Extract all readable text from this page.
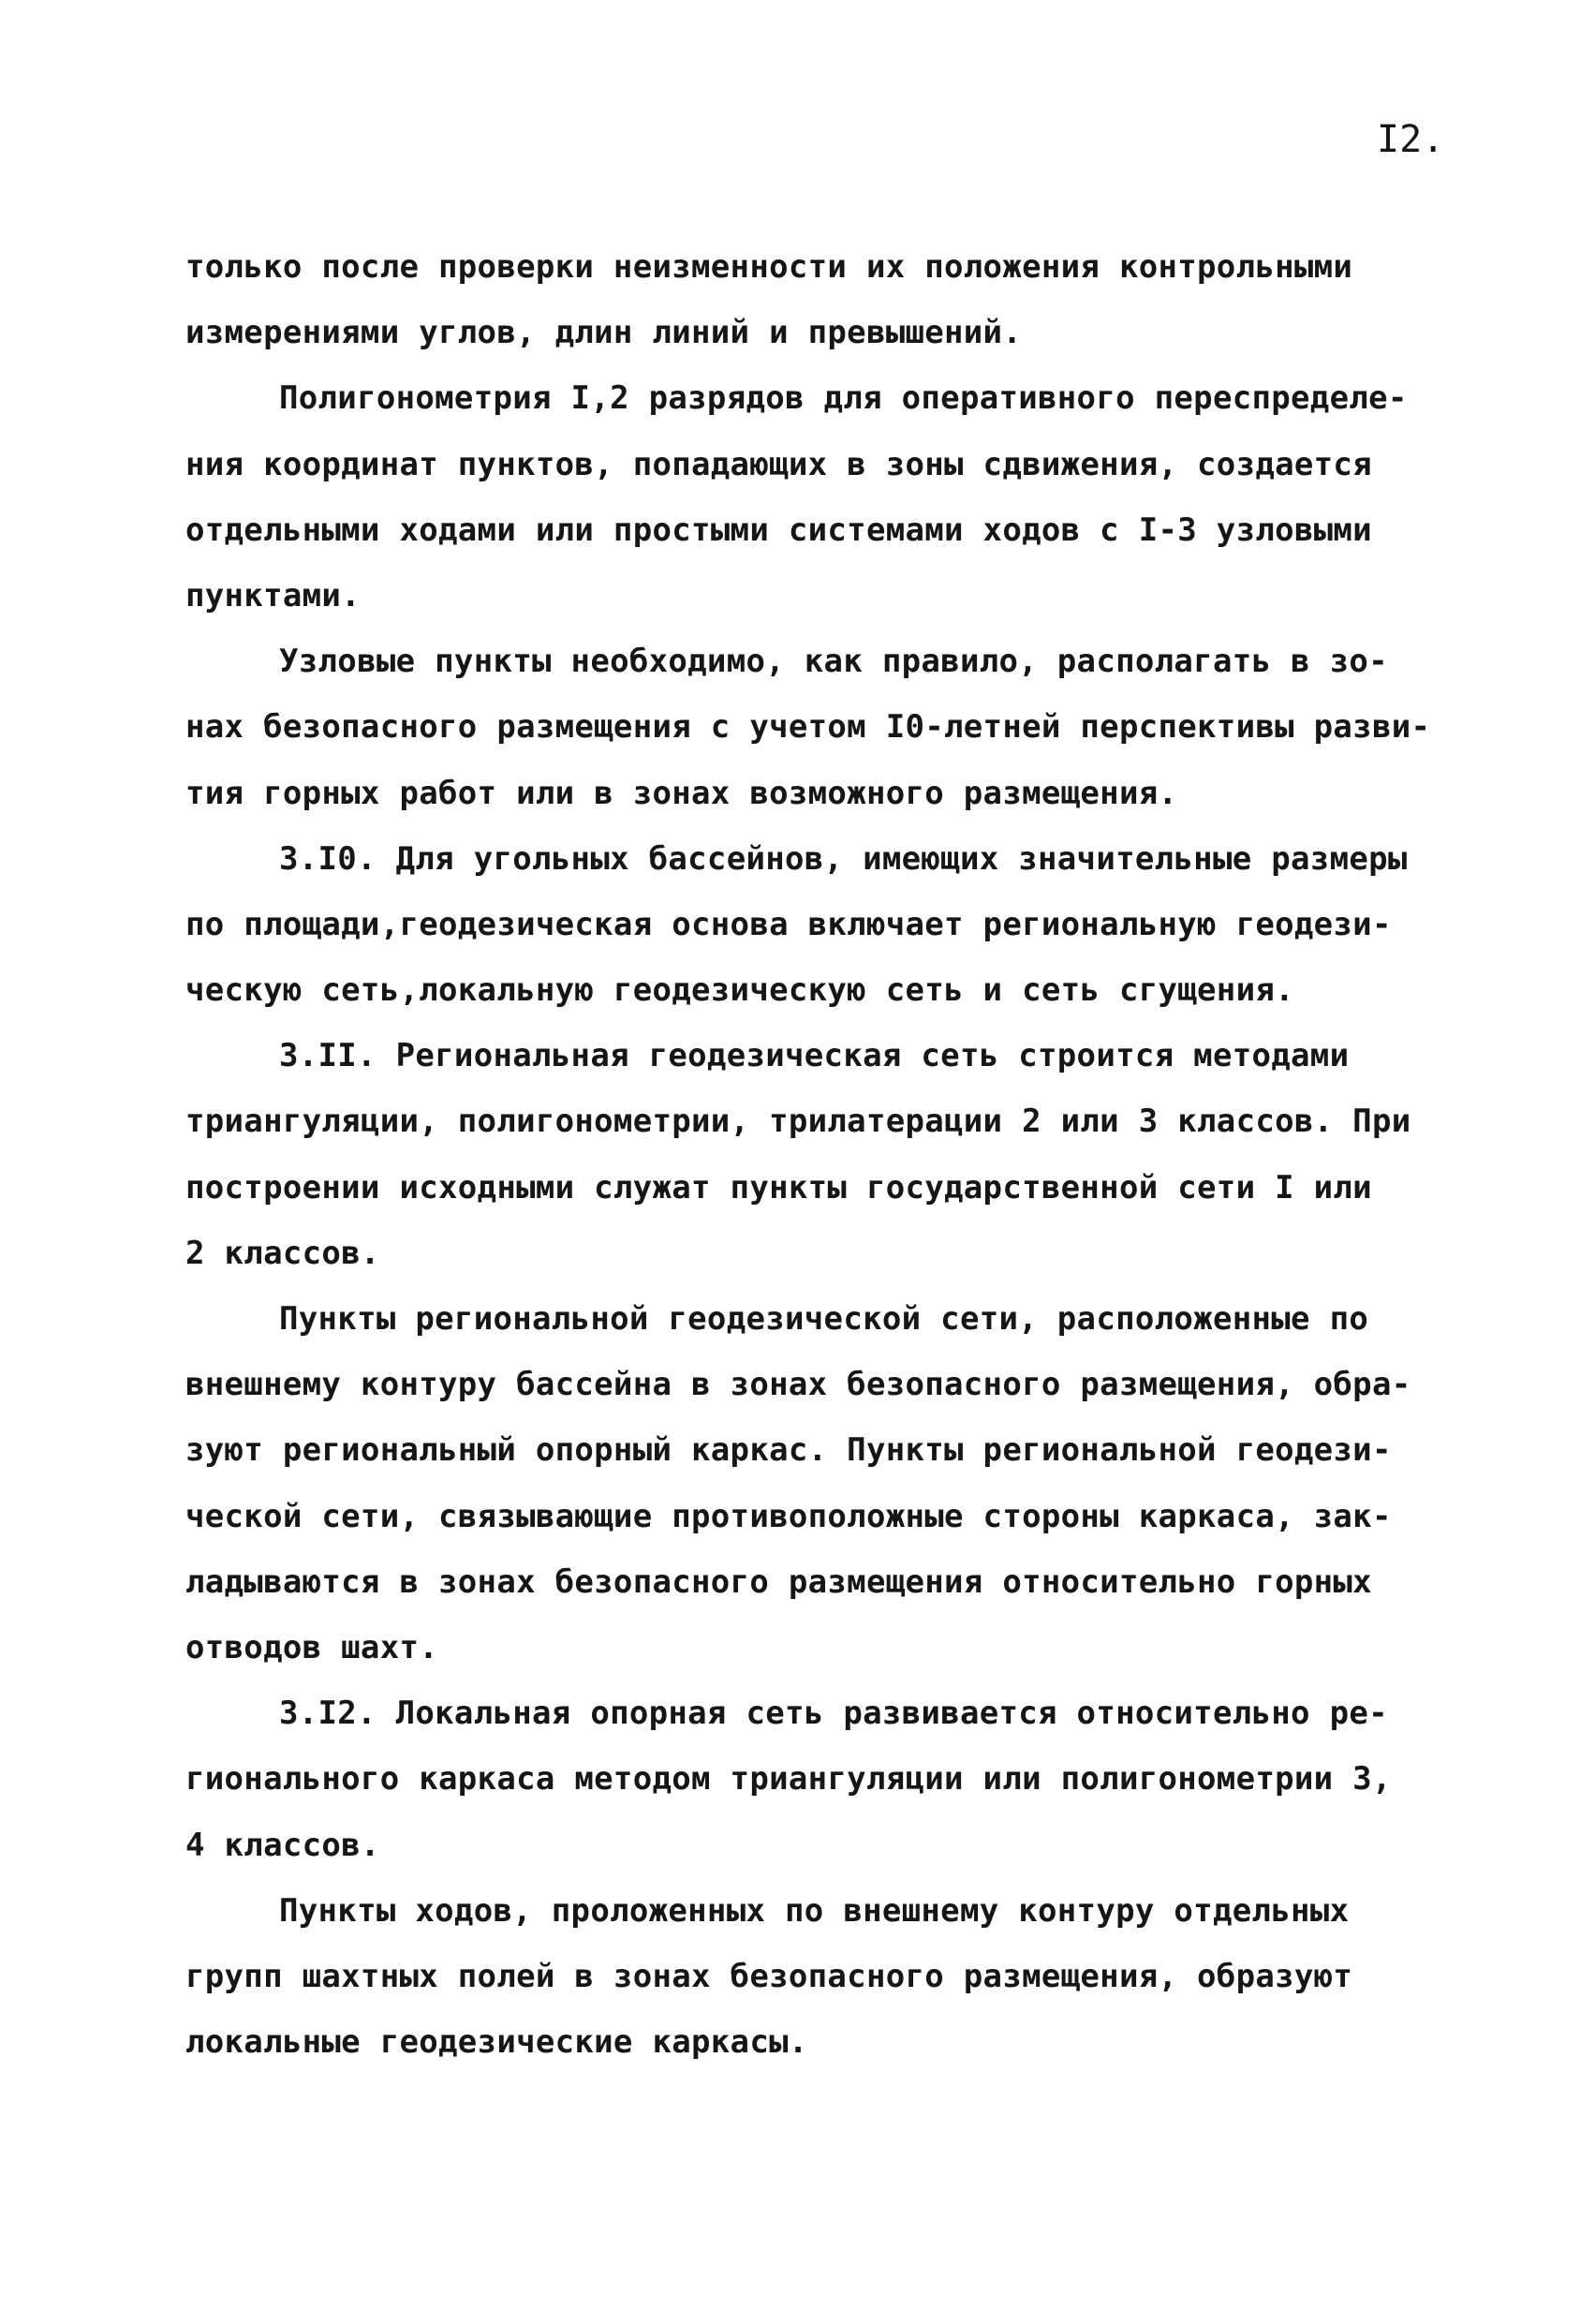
I2.
только после проверки неизменности их положения контрольными
измерениями углов, длин линий и превышений.
Полигонометрия I,2 разрядов для оперативного переспределе-
ния координат пунктов, попадающих в зоны сдвижения, создается
отдельными ходами или простыми системами ходов с I-3 узловыми
пунктами.
Узловые пункты необходимо, как правило, располагать в зо-
нах безопасного размещения с учетом I0-летней перспективы разви-
тия горных работ или в зонах возможного размещения.
3.I0. Для угольных бассейнов, имеющих значительные размеры
по площади,геодезическая основа включает региональную геодези-
ческую сеть,локальную геодезическую сеть и сеть сгущения.
3.II. Региональная геодезическая сеть строится методами
триангуляции, полигонометрии, трилатерации 2 или 3 классов. При
построении исходными служат пункты государственной сети I или
2 классов.
Пункты региональной геодезической сети, расположенные по
внешнему контуру бассейна в зонах безопасного размещения, обра-
зуют региональный опорный каркас. Пункты региональной геодези-
ческой сети, связывающие противоположные стороны каркаса, зак-
ладываются в зонах безопасного размещения относительно горных
отводов шахт.
3.I2. Локальная опорная сеть развивается относительно ре-
гионального каркаса методом триангуляции или полигонометрии 3,
4 классов.
Пункты ходов, проложенных по внешнему контуру отдельных
групп шахтных полей в зонах безопасного размещения, образуют
локальные геодезические каркасы.
